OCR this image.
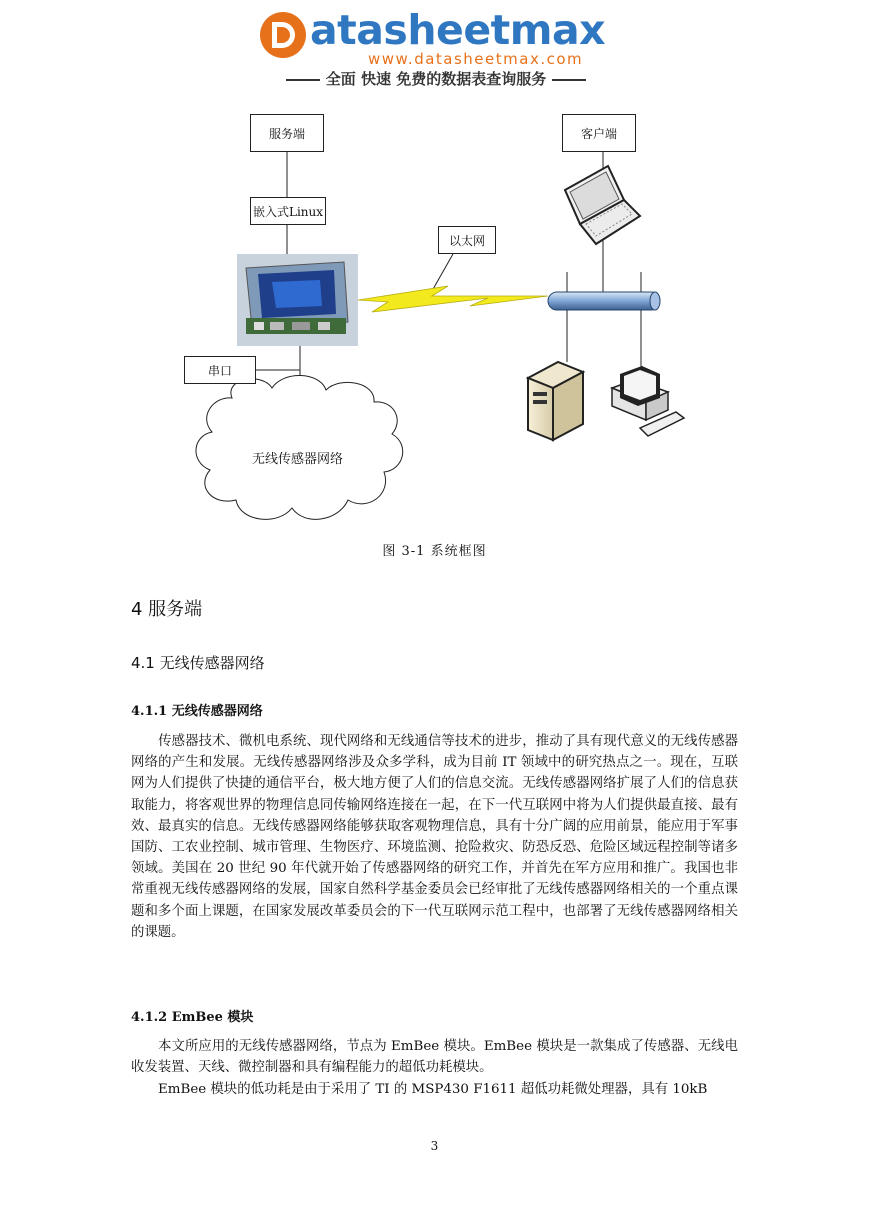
atasheetmax
www.datasheetmax.com
全面 快速 免费的数据表查询服务
服务端	客户端
嵌入式Linux
以太网
串口
无线传感器网络
图 3-1 系统框图
4 服务端
4.1 无线传感器网络
4.1.1 无线传感器网络
传感器技术、微机电系统、现代网络和无线通信等技术的进步，推动了具有现代意义的无线传感器网络的产生和发展。无线传感器网络涉及众多学科，成为目前 IT 领域中的研究热点之一。现在，互联网为人们提供了快捷的通信平台，极大地方便了人们的信息交流。无线传感器网络扩展了人们的信息获取能力，将客观世界的物理信息同传输网络连接在一起，在下一代互联网中将为人们提供最直接、最有效、最真实的信息。无线传感器网络能够获取客观物理信息，具有十分广阔的应用前景，能应用于军事国防、工农业控制、城市管理、生物医疗、环境监测、抢险救灾、防恐反恐、危险区域远程控制等诸多领域。美国在 20 世纪 90 年代就开始了传感器网络的研究工作，并首先在军方应用和推广。我国也非常重视无线传感器网络的发展，国家自然科学基金委员会已经审批了无线传感器网络相关的一个重点课题和多个面上课题，在国家发展改革委员会的下一代互联网示范工程中，也部署了无线传感器网络相关的课题。
4.1.2 EmBee 模块
本文所应用的无线传感器网络，节点为 EmBee 模块。EmBee 模块是一款集成了传感器、无线电收发装置、天线、微控制器和具有编程能力的超低功耗模块。
EmBee 模块的低功耗是由于采用了 TI 的 MSP430 F1611 超低功耗微处理器，具有 10kB
3
